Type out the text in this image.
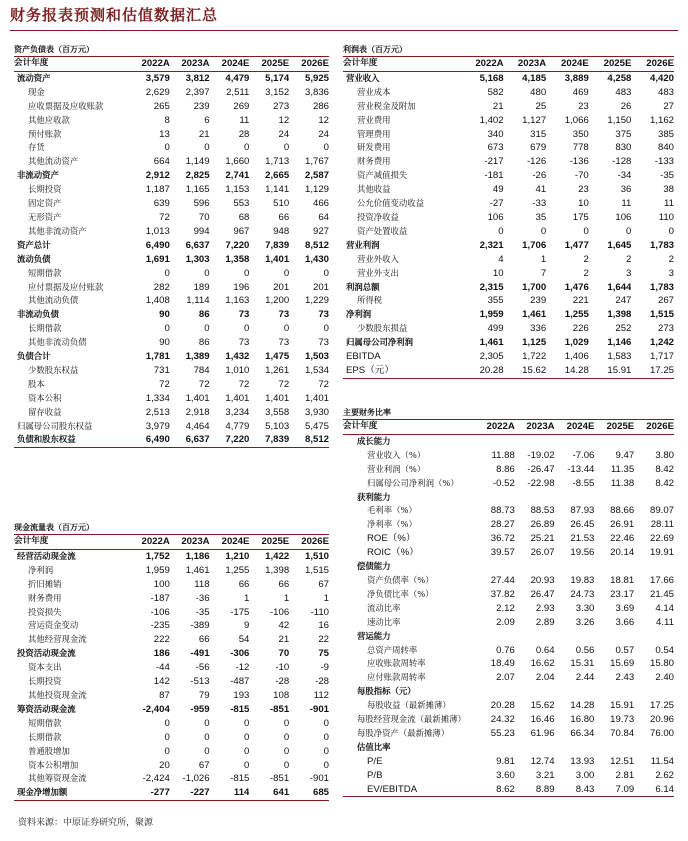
财务报表预测和估值数据汇总
资产负债表（百万元）
会计年度	2022A	2023A	2024E	2025E	2026E
流动资产	3,579	3,812	4,479	5,174	5,925
现金	2,629	2,397	2,511	3,152	3,836
应收票据及应收账款	265	239	269	273	286
其他应收款	8	6	11	12	12
预付账款	13	21	28	24	24
存货	0	0	0	0	0
其他流动资产	664	1,149	1,660	1,713	1,767
非流动资产	2,912	2,825	2,741	2,665	2,587
长期投资	1,187	1,165	1,153	1,141	1,129
固定资产	639	596	553	510	466
无形资产	72	70	68	66	64
其他非流动资产	1,013	994	967	948	927
资产总计	6,490	6,637	7,220	7,839	8,512
流动负债	1,691	1,303	1,358	1,401	1,430
短期借款	0	0	0	0	0
应付票据及应付账款	282	189	196	201	201
其他流动负债	1,408	1,114	1,163	1,200	1,229
非流动负债	90	86	73	73	73
长期借款	0	0	0	0	0
其他非流动负债	90	86	73	73	73
负债合计	1,781	1,389	1,432	1,475	1,503
少数股东权益	731	784	1,010	1,261	1,534
股本	72	72	72	72	72
资本公积	1,334	1,401	1,401	1,401	1,401
留存收益	2,513	2,918	3,234	3,558	3,930
归属母公司股东权益	3,979	4,464	4,779	5,103	5,475
负债和股东权益	6,490	6,637	7,220	7,839	8,512
现金流量表（百万元）
会计年度	2022A	2023A	2024E	2025E	2026E
经营活动现金流	1,752	1,186	1,210	1,422	1,510
净利润	1,959	1,461	1,255	1,398	1,515
折旧摊销	100	118	66	66	67
财务费用	-187	-36	1	1	1
投资损失	-106	-35	-175	-106	-110
营运资金变动	-235	-389	9	42	16
其他经营现金流	222	66	54	21	22
投资活动现金流	186	-491	-306	70	75
资本支出	-44	-56	-12	-10	-9
长期投资	142	-513	-487	-28	-28
其他投资现金流	87	79	193	108	112
筹资活动现金流	-2,404	-959	-815	-851	-901
短期借款	0	0	0	0	0
长期借款	0	0	0	0	0
普通股增加	0	0	0	0	0
资本公积增加	20	67	0	0	0
其他筹资现金流	-2,424	-1,026	-815	-851	-901
现金净增加额	-277	-227	114	641	685
利润表（百万元）
会计年度	2022A	2023A	2024E	2025E	2026E
营业收入	5,168	4,185	3,889	4,258	4,420
营业成本	582	480	469	483	483
营业税金及附加	21	25	23	26	27
营业费用	1,402	1,127	1,066	1,150	1,162
管理费用	340	315	350	375	385
研发费用	673	679	778	830	840
财务费用	-217	-126	-136	-128	-133
资产减值损失	-181	-26	-70	-34	-35
其他收益	49	41	23	36	38
公允价值变动收益	-27	-33	10	11	11
投资净收益	106	35	175	106	110
资产处置收益	0	0	0	0	0
营业利润	2,321	1,706	1,477	1,645	1,783
营业外收入	4	1	2	2	2
营业外支出	10	7	2	3	3
利润总额	2,315	1,700	1,476	1,644	1,783
所得税	355	239	221	247	267
净利润	1,959	1,461	1,255	1,398	1,515
少数股东损益	499	336	226	252	273
归属母公司净利润	1,461	1,125	1,029	1,146	1,242
EBITDA	2,305	1,722	1,406	1,583	1,717
EPS（元）	20.28	15.62	14.28	15.91	17.25
主要财务比率
会计年度	2022A	2023A	2024E	2025E	2026E
成长能力					
营业收入（%）	11.88	-19.02	-7.06	9.47	3.80
营业利润（%）	8.86	-26.47	-13.44	11.35	8.42
归属母公司净利润（%）	-0.52	-22.98	-8.55	11.38	8.42
获利能力					
毛利率（%）	88.73	88.53	87.93	88.66	89.07
净利率（%）	28.27	26.89	26.45	26.91	28.11
ROE（%）	36.72	25.21	21.53	22.46	22.69
ROIC（%）	39.57	26.07	19.56	20.14	19.91
偿债能力					
资产负债率（%）	27.44	20.93	19.83	18.81	17.66
净负债比率（%）	37.82	26.47	24.73	23.17	21.45
流动比率	2.12	2.93	3.30	3.69	4.14
速动比率	2.09	2.89	3.26	3.66	4.11
营运能力					
总资产周转率	0.76	0.64	0.56	0.57	0.54
应收账款周转率	18.49	16.62	15.31	15.69	15.80
应付账款周转率	2.07	2.04	2.44	2.43	2.40
每股指标（元）					
每股收益（最新摊薄）	20.28	15.62	14.28	15.91	17.25
每股经营现金流（最新摊薄）	24.32	16.46	16.80	19.73	20.96
每股净资产（最新摊薄）	55.23	61.96	66.34	70.84	76.00
估值比率					
P/E	9.81	12.74	13.93	12.51	11.54
P/B	3.60	3.21	3.00	2.81	2.62
EV/EBITDA	8.62	8.89	8.43	7.09	6.14
资料来源：中原证券研究所，聚源
